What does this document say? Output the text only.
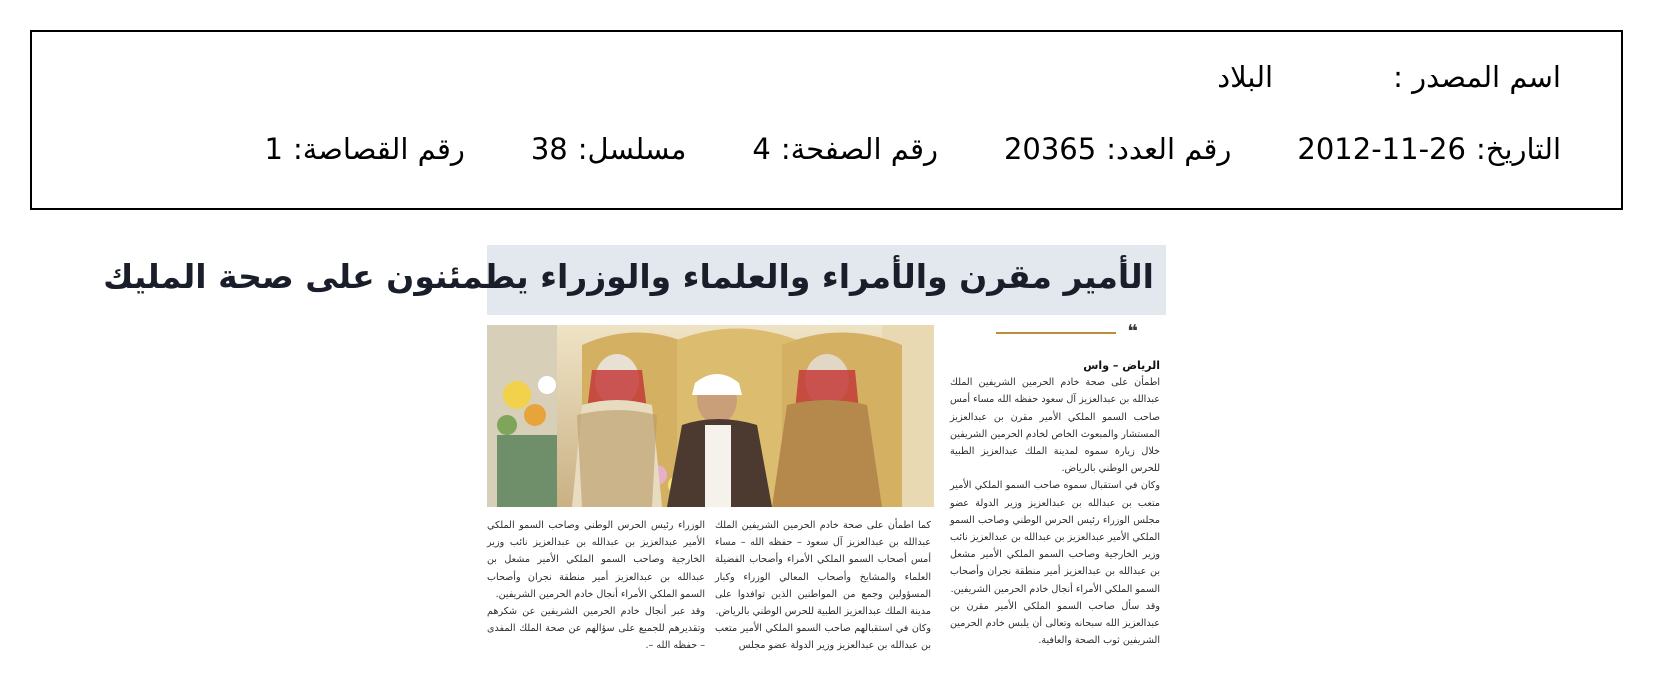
اسم المصدر :
البلاد
التاريخ:
2012-11-26
رقم العدد:
20365
رقم الصفحة:
4
مسلسل:
38
رقم القصاصة:
1
الأمير مقرن والأمراء والعلماء والوزراء يطمئنون على صحة المليك
❝
الرياض – واس

اطمأن على صحة خادم الحرمين الشريفين الملك عبدالله بن عبدالعزيز آل سعود حفظه الله مساء أمس صاحب السمو الملكي الأمير مقرن بن عبدالعزيز المستشار والمبعوث الخاص لخادم الحرمين الشريفين خلال زيارة سموه لمدينة الملك عبدالعزيز الطبية للحرس الوطني بالرياض.

وكان في استقبال سموه صاحب السمو الملكي الأمير متعب بن عبدالله بن عبدالعزيز وزير الدولة عضو مجلس الوزراء رئيس الحرس الوطني وصاحب السمو الملكي الأمير عبدالعزيز بن عبدالله بن عبدالعزيز نائب وزير الخارجية وصاحب السمو الملكي الأمير مشعل بن عبدالله بن عبدالعزيز أمير منطقة نجران وأصحاب السمو الملكي الأمراء أنجال خادم الحرمين الشريفين.

وقد سأل صاحب السمو الملكي الأمير مقرن بن عبدالعزيز الله سبحانه وتعالى أن يلبس خادم الحرمين الشريفين ثوب الصحة والعافية.

كما اطمأن على صحة خادم الحرمين الشريفين الملك عبدالله بن عبدالعزيز آل سعود – حفظه الله – مساء أمس أصحاب السمو الملكي الأمراء وأصحاب الفضيلة العلماء والمشايخ وأصحاب المعالي الوزراء وكبار المسؤولين وجمع من المواطنين الذين توافدوا على مدينة الملك عبدالعزيز الطبية للحرس الوطني بالرياض.

وكان في استقبالهم صاحب السمو الملكي الأمير متعب بن عبدالله بن عبدالعزيز وزير الدولة عضو مجلس

الوزراء رئيس الحرس الوطني وصاحب السمو الملكي الأمير عبدالعزيز بن عبدالله بن عبدالعزيز نائب وزير الخارجية وصاحب السمو الملكي الأمير مشعل بن عبدالله بن عبدالعزيز أمير منطقة نجران وأصحاب السمو الملكي الأمراء أنجال خادم الحرمين الشريفين.

وقد عبر أنجال خادم الحرمين الشريفين عن شكرهم وتقديرهم للجميع على سؤالهم عن صحة الملك المفدى – حفظه الله –.
